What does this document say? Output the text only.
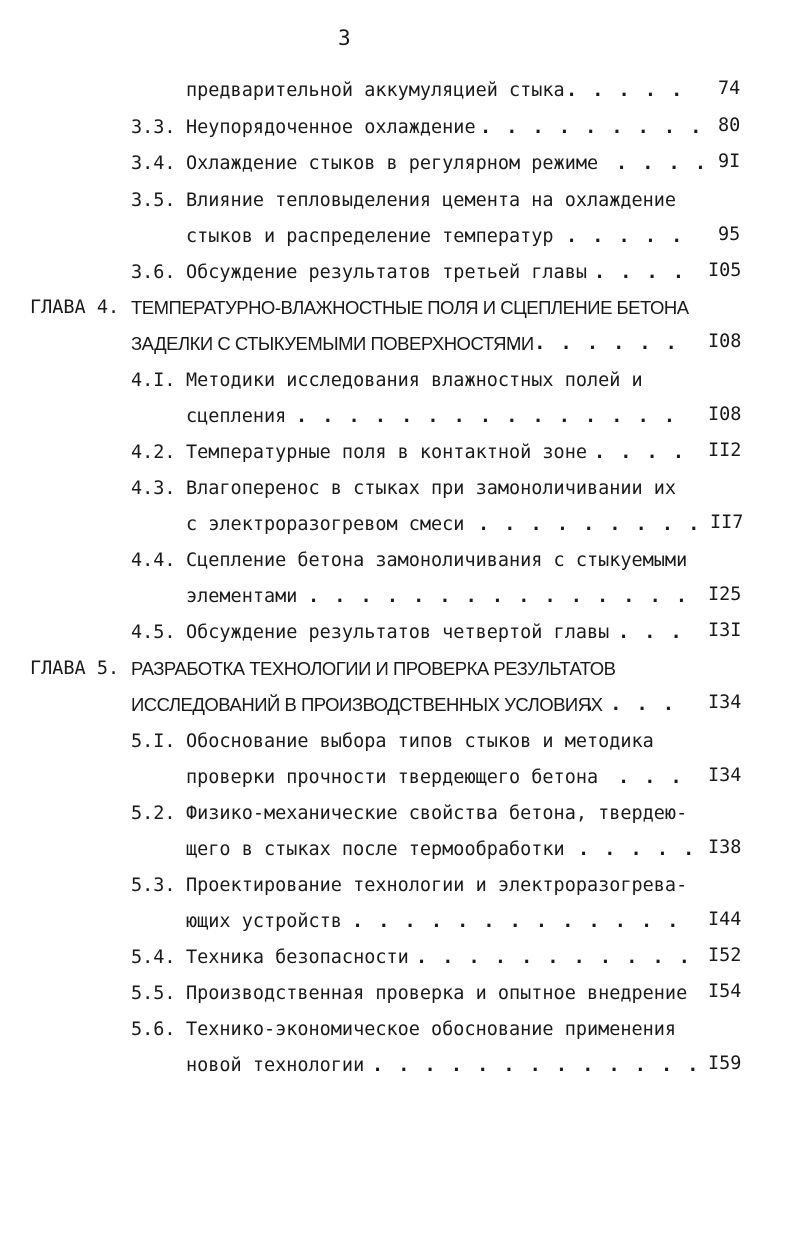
3
предварительной аккумуляцией стыка . . . . . 74
3.3. Неупорядоченное охлаждение . . . . . . . . . 80
3.4. Охлаждение стыков в регулярном режиме . . . . 9I
3.5. Влияние тепловыделения цемента на охлаждение
стыков и распределение температур . . . . . 95
3.6. Обсуждение результатов третьей главы . . . . I05
ГЛАВА 4. ТЕМПЕРАТУРНО-ВЛАЖНОСТНЫЕ ПОЛЯ И СЦЕПЛЕНИЕ БЕТОНА
ЗАДЕЛКИ С СТЫКУЕМЫМИ ПОВЕРХНОСТЯМИ
. . . . . . . I08
4.I. Методики исследования влажностных полей и
сцепления . . . . . . . . . . . . . . . I08
4.2. Температурные поля в контактной зоне . . . . II2
4.3. Влагоперенос в стыках при замоноличивании их
с электроразогревом смеси . . . . . . . . . II7
4.4. Сцепление бетона замоноличивания с стыкуемыми
элементами . . . . . . . . . . . . . . . I25
4.5. Обсуждение результатов четвертой главы . . . I3I
ГЛАВА 5. РАЗРАБОТКА ТЕХНОЛОГИИ И ПРОВЕРКА РЕЗУЛЬТАТОВ
ИССЛЕДОВАНИЙ В ПРОИЗВОДСТВЕННЫХ УСЛОВИЯХ
. . . . I34
5.I. Обоснование выбора типов стыков и методика
проверки прочности твердеющего бетона . . . I34
5.2. Физико-механические свойства бетона, твердею-
щего в стыках после термообработки . . . . . I38
5.3. Проектирование технологии и электроразогрева-
ющих устройств . . . . . . . . . . . . . I44
5.4. Техника безопасности . . . . . . . . . . . I52
5.5. Производственная проверка и опытное внедрение I54
5.6. Технико-экономическое обоснование применения
новой технологии . . . . . . . . . . . . . I59
